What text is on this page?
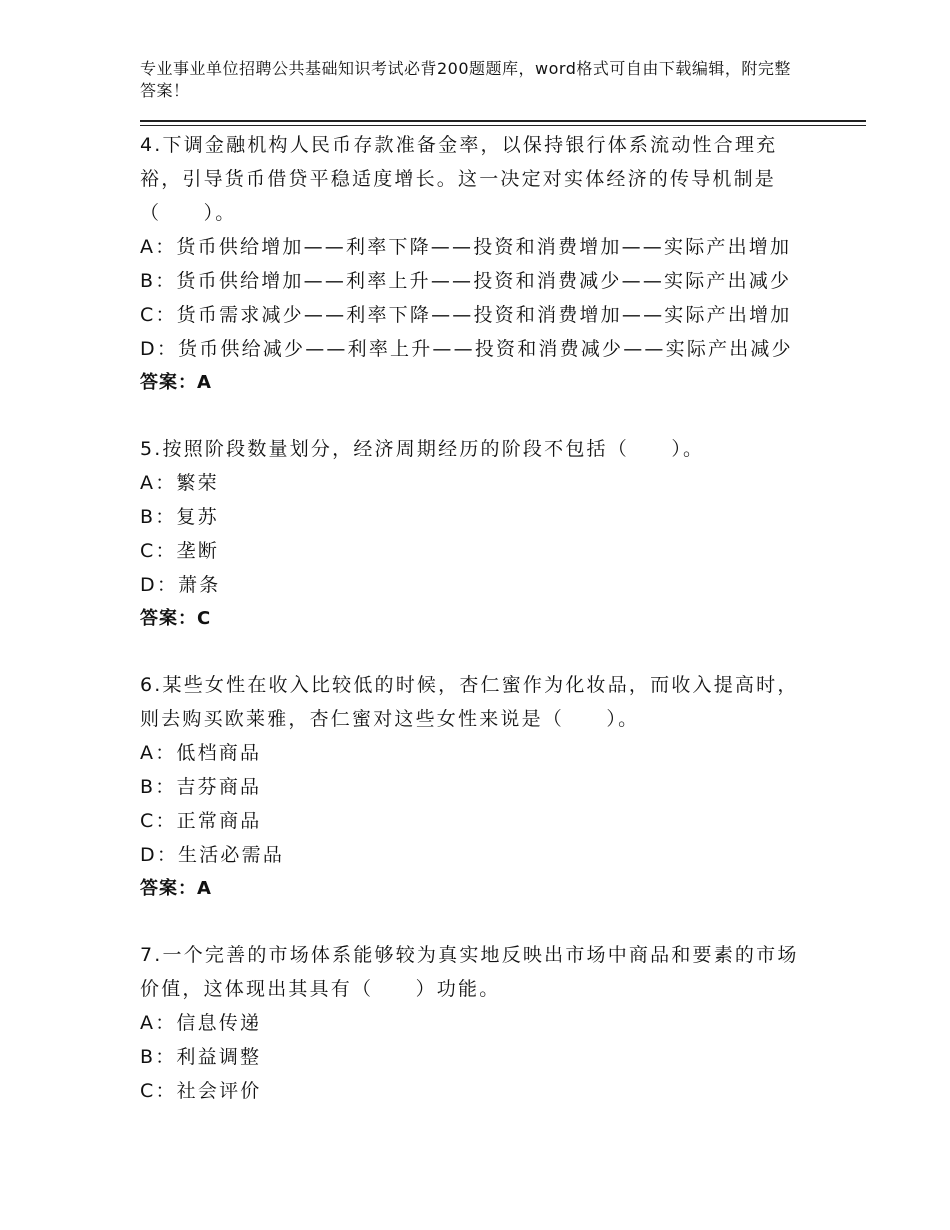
专业事业单位招聘公共基础知识考试必背200题题库，word格式可自由下载编辑，附完整答案！
4.下调金融机构人民币存款准备金率，以保持银行体系流动性合理充裕，引导货币借贷平稳适度增长。这一决定对实体经济的传导机制是（　　）。
A：货币供给增加——利率下降——投资和消费增加——实际产出增加
B：货币供给增加——利率上升——投资和消费减少——实际产出减少
C：货币需求减少——利率下降——投资和消费增加——实际产出增加
D：货币供给减少——利率上升——投资和消费减少——实际产出减少
答案：A
5.按照阶段数量划分，经济周期经历的阶段不包括（　　）。
A：繁荣
B：复苏
C：垄断
D：萧条
答案：C
6.某些女性在收入比较低的时候，杏仁蜜作为化妆品，而收入提高时，则去购买欧莱雅，杏仁蜜对这些女性来说是（　　）。
A：低档商品
B：吉芬商品
C：正常商品
D：生活必需品
答案：A
7.一个完善的市场体系能够较为真实地反映出市场中商品和要素的市场价值，这体现出其具有（　　）功能。
A：信息传递
B：利益调整
C：社会评价
